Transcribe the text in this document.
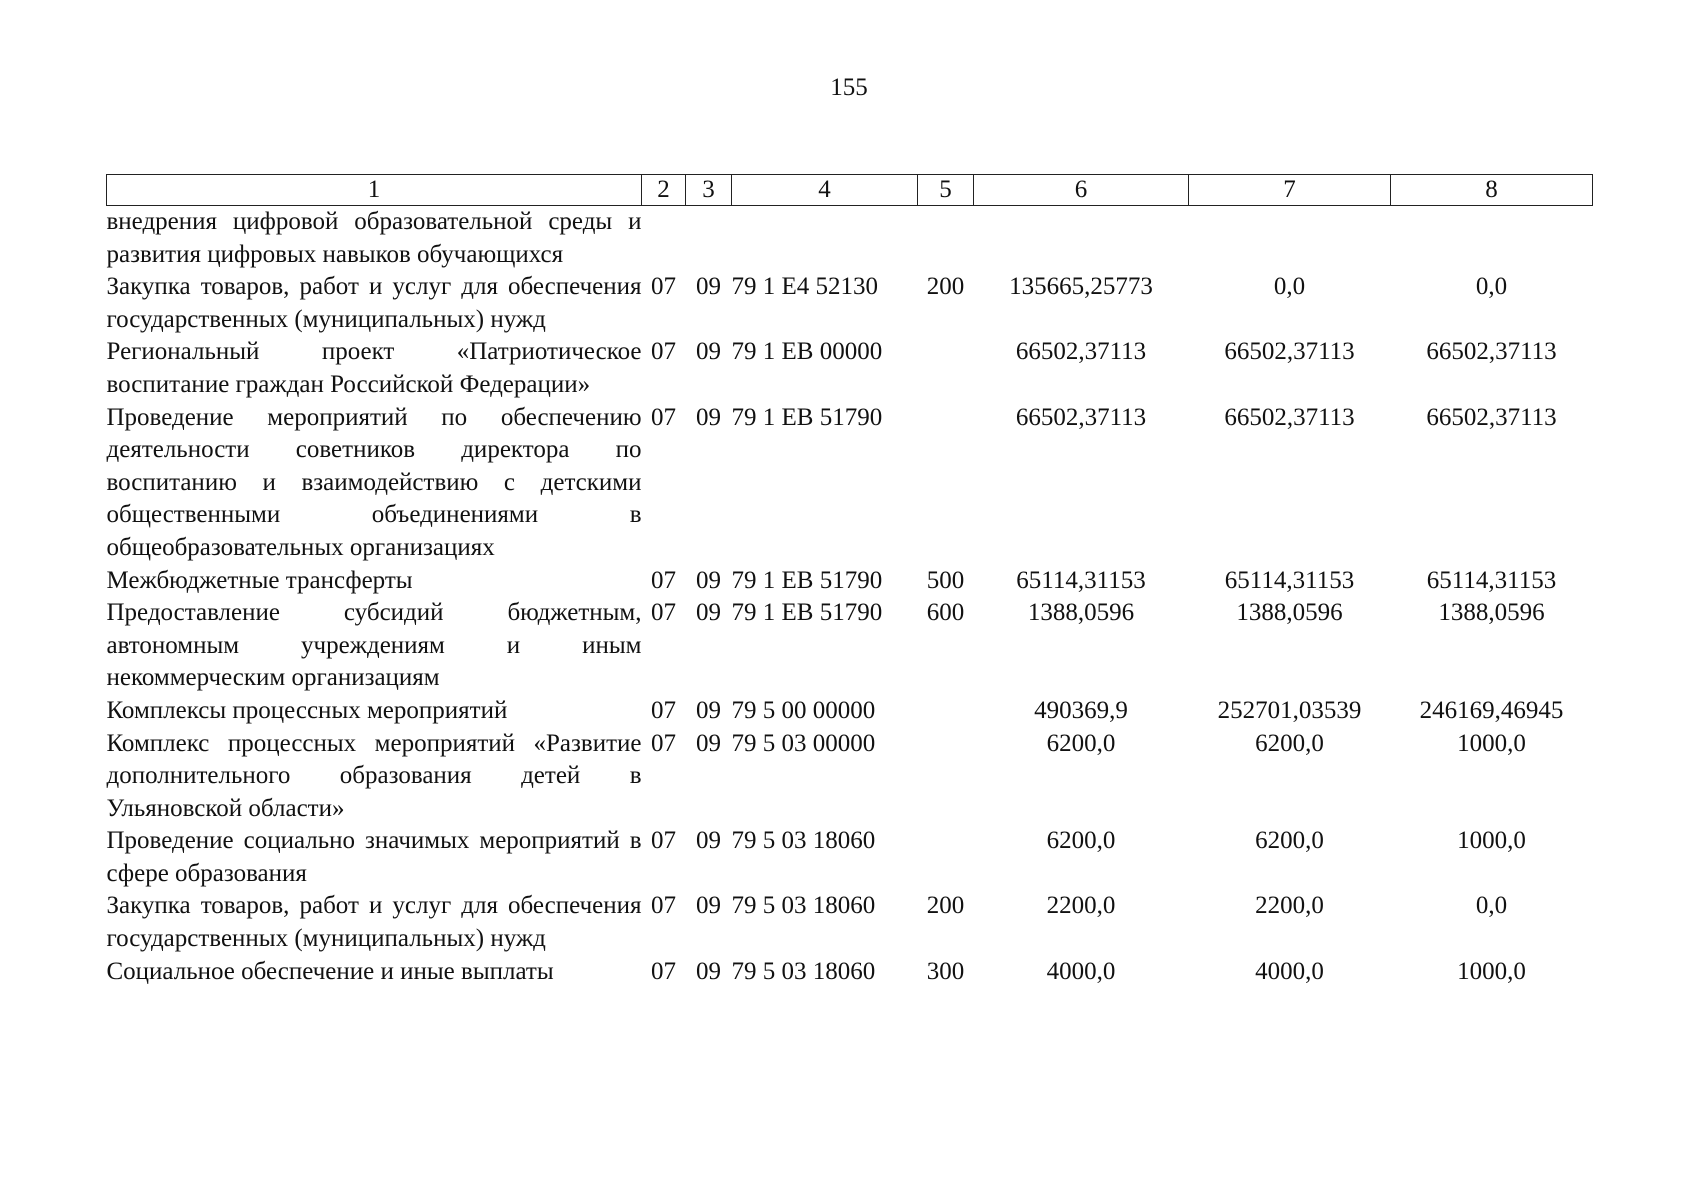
155
1	2	3	4	5	6	7	8
внедрения цифровой образовательной среды и развития цифровых навыков обучающихся							
Закупка товаров, работ и услуг для обеспечения государственных (муниципальных) нужд	07	09	79 1 E4 52130	200	135665,25773	0,0	0,0
Региональный проект «Патриотическое воспитание граждан Российской Федерации»	07	09	79 1 EB 00000		66502,37113	66502,37113	66502,37113
Проведение мероприятий по обеспечению деятельности советников директора по воспитанию и взаимодействию с детскими общественными объединениями в общеобразовательных организациях	07	09	79 1 EB 51790		66502,37113	66502,37113	66502,37113
Межбюджетные трансферты	07	09	79 1 EB 51790	500	65114,31153	65114,31153	65114,31153
Предоставление субсидий бюджетным, автономным учреждениям и иным некоммерческим организациям	07	09	79 1 EB 51790	600	1388,0596	1388,0596	1388,0596
Комплексы процессных мероприятий	07	09	79 5 00 00000		490369,9	252701,03539	246169,46945
Комплекс процессных мероприятий «Развитие дополнительного образования детей в Ульяновской области»	07	09	79 5 03 00000		6200,0	6200,0	1000,0
Проведение социально значимых мероприятий в сфере образования	07	09	79 5 03 18060		6200,0	6200,0	1000,0
Закупка товаров, работ и услуг для обеспечения государственных (муниципальных) нужд	07	09	79 5 03 18060	200	2200,0	2200,0	0,0
Социальное обеспечение и иные выплаты	07	09	79 5 03 18060	300	4000,0	4000,0	1000,0
